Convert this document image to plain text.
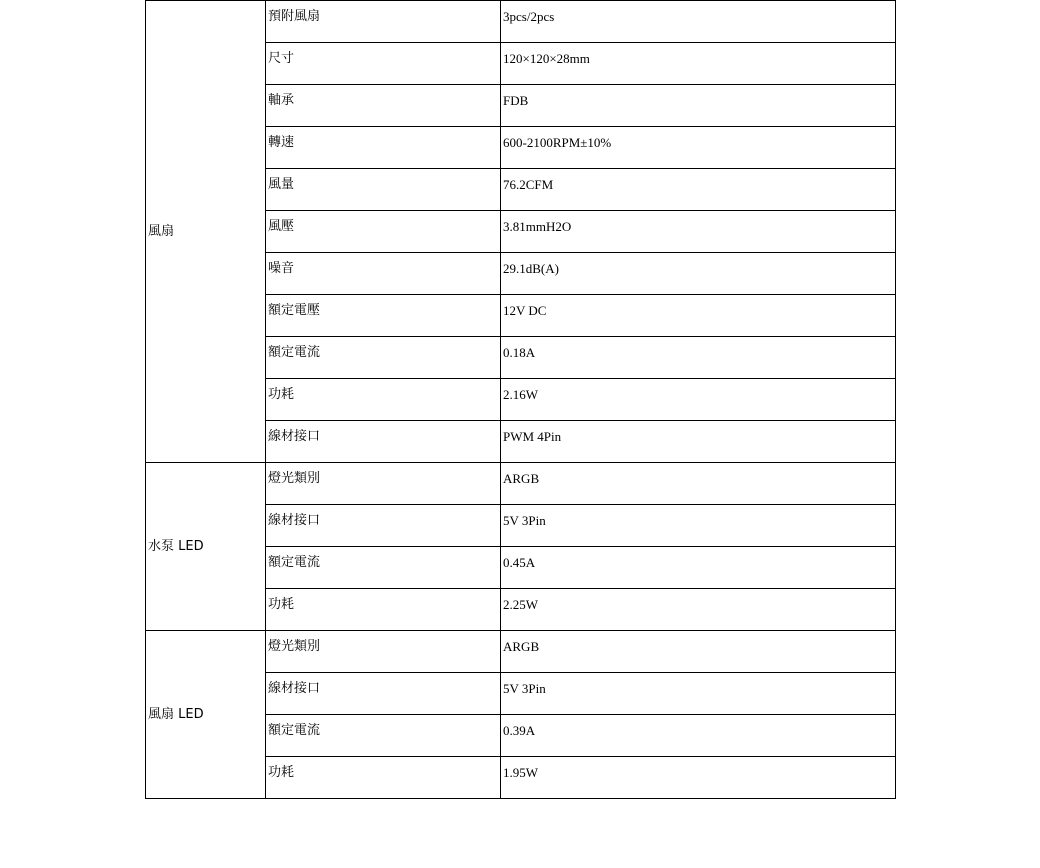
風扇	預附風扇	3pcs/2pcs
	尺寸	120×120×28mm
	軸承	FDB
	轉速	600-2100RPM±10%
	風量	76.2CFM
	風壓	3.81mmH2O
	噪音	29.1dB(A)
	額定電壓	12V DC
	額定電流	0.18A
	功耗	2.16W
	線材接口	PWM 4Pin
水泵 LED	燈光類別	ARGB
	線材接口	5V 3Pin
	額定電流	0.45A
	功耗	2.25W
風扇 LED	燈光類別	ARGB
	線材接口	5V 3Pin
	額定電流	0.39A
	功耗	1.95W
